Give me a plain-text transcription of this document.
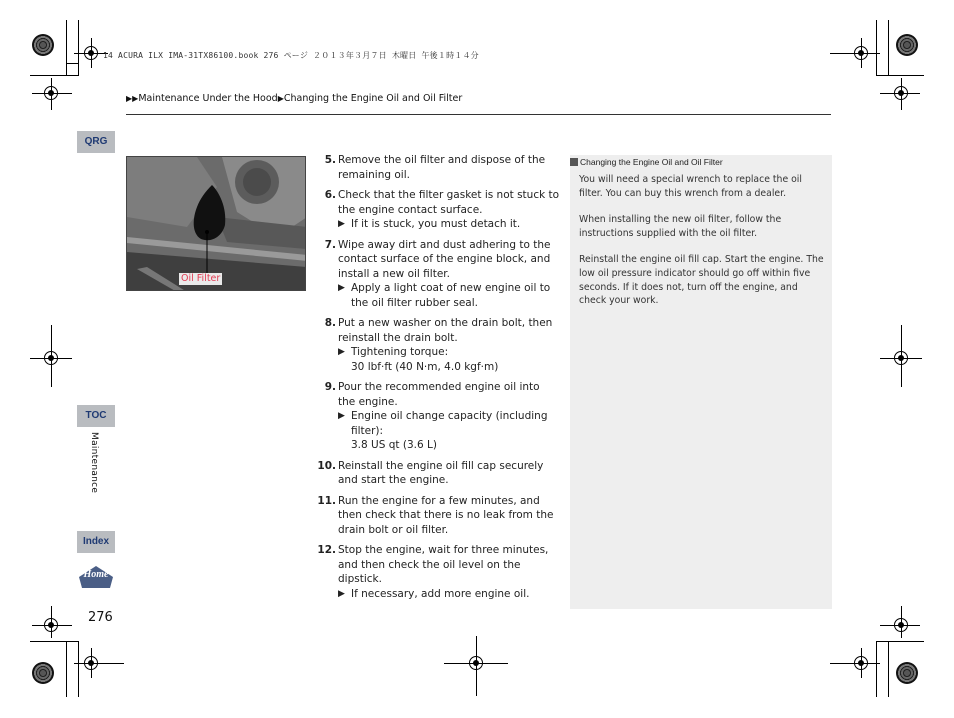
14 ACURA ILX IMA-31TX86100.book 276 ページ ２０１３年３月７日 木曜日 午後１時１４分
▶▶Maintenance Under the Hood▶Changing the Engine Oil and Oil Filter
QRG
TOC
Maintenance
Index
Home
276
Oil Filter
5. Remove the oil filter and dispose of the remaining oil.
6. Check that the filter gasket is not stuck to the engine contact surface.
▶ If it is stuck, you must detach it.
7. Wipe away dirt and dust adhering to the contact surface of the engine block, and install a new oil filter.
▶ Apply a light coat of new engine oil to the oil filter rubber seal.
8. Put a new washer on the drain bolt, then reinstall the drain bolt.
▶ Tightening torque:
30 lbf·ft (40 N·m, 4.0 kgf·m)
9. Pour the recommended engine oil into the engine.
▶ Engine oil change capacity (including filter):
3.8 US qt (3.6 L)
10. Reinstall the engine oil fill cap securely and start the engine.
11. Run the engine for a few minutes, and then check that there is no leak from the drain bolt or oil filter.
12. Stop the engine, wait for three minutes, and then check the oil level on the dipstick.
▶ If necessary, add more engine oil.
Changing the Engine Oil and Oil Filter

You will need a special wrench to replace the oil filter. You can buy this wrench from a dealer.

When installing the new oil filter, follow the instructions supplied with the oil filter.

Reinstall the engine oil fill cap. Start the engine. The low oil pressure indicator should go off within five seconds. If it does not, turn off the engine, and check your work.
